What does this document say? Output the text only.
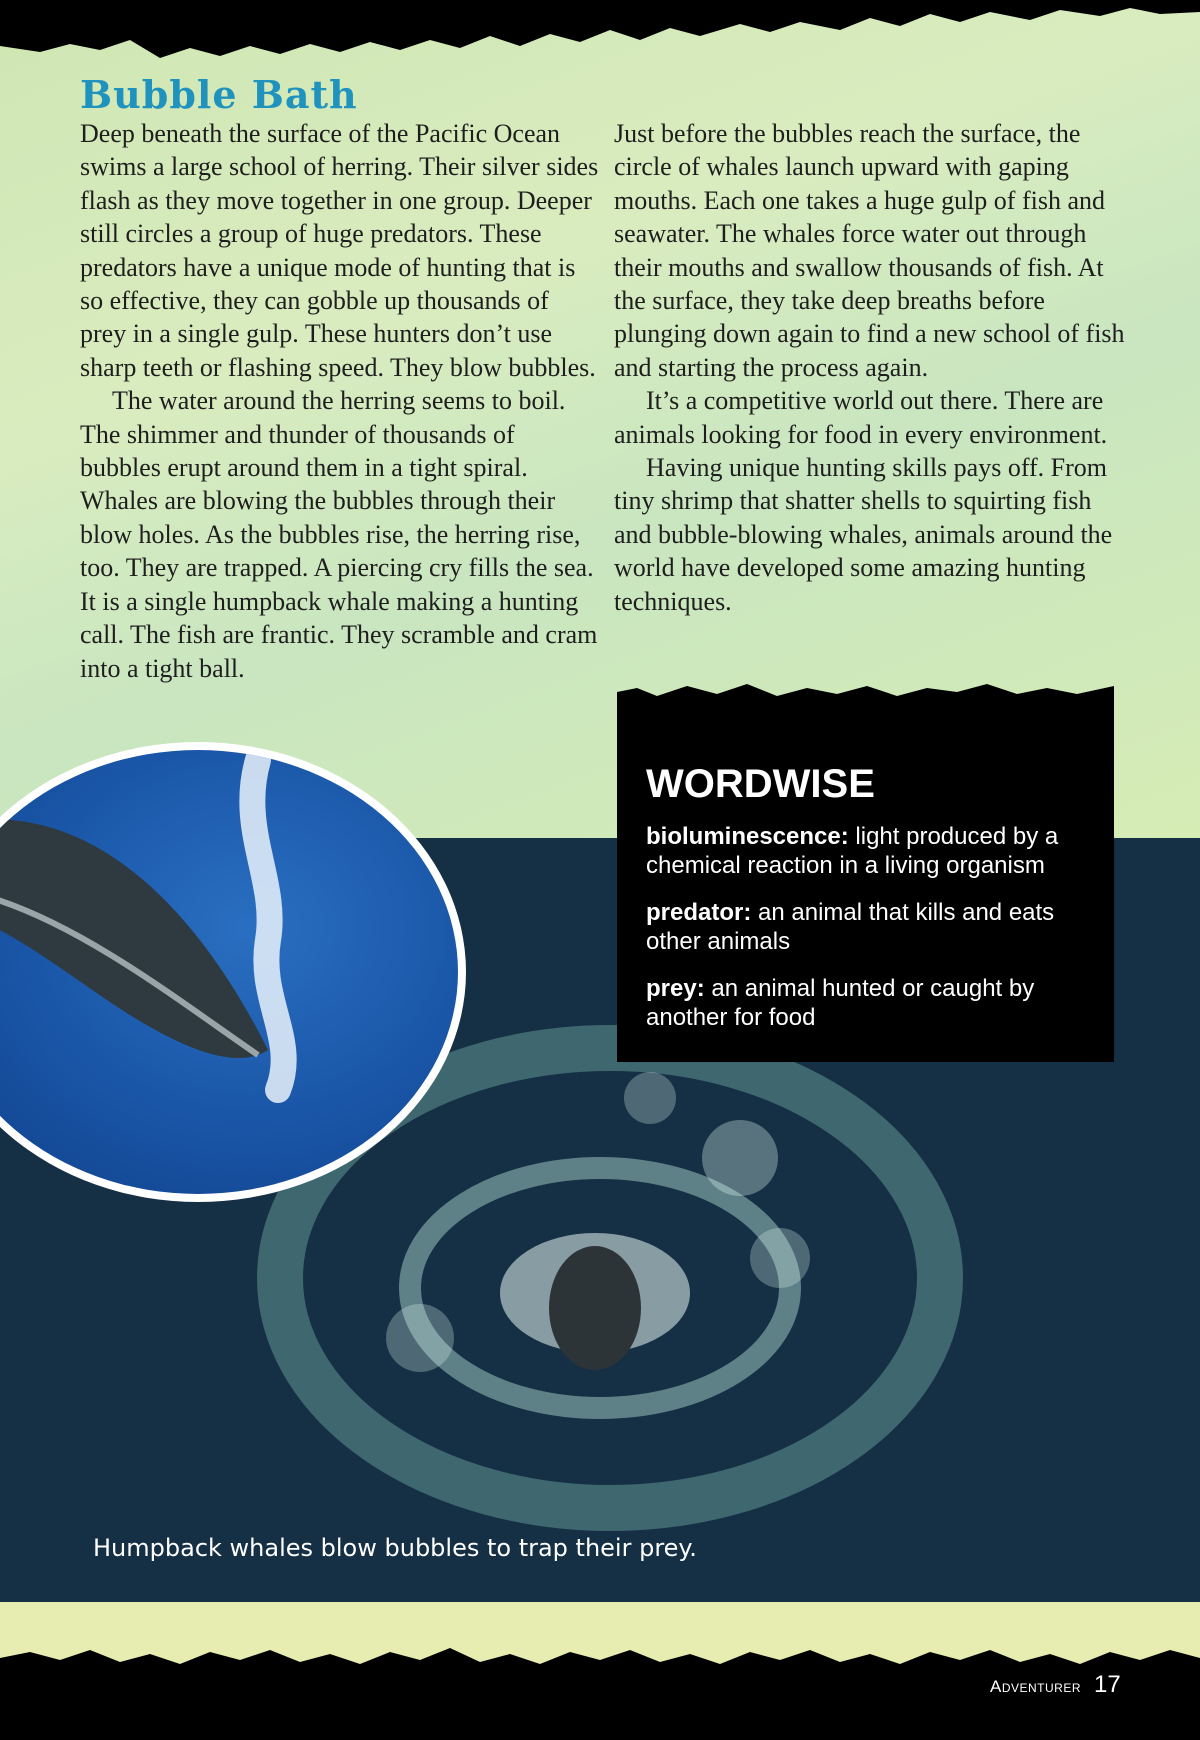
Bubble Bath

Deep beneath the surface of the Pacific Ocean swims a large school of herring. Their silver sides flash as they move together in one group. Deeper still circles a group of huge predators. These predators have a unique mode of hunting that is so effective, they can gobble up thousands of prey in a single gulp. These hunters don’t use sharp teeth or flashing speed. They blow bubbles.

The water around the herring seems to boil. The shimmer and thunder of thousands of bubbles erupt around them in a tight spiral. Whales are blowing the bubbles through their blow holes. As the bubbles rise, the herring rise, too. They are trapped. A piercing cry fills the sea. It is a single humpback whale making a hunting call. The fish are frantic. They scramble and cram into a tight ball.

Just before the bubbles reach the surface, the circle of whales launch upward with gaping mouths. Each one takes a huge gulp of fish and seawater. The whales force water out through their mouths and swallow thousands of fish. At the surface, they take deep breaths before plunging down again to find a new school of fish and starting the process again.

It’s a competitive world out there. There are animals looking for food in every environment.

Having unique hunting skills pays off. From tiny shrimp that shatter shells to squirting fish and bubble-blowing whales, animals around the world have developed some amazing hunting techniques.

WORDWISE

bioluminescence: light produced by a chemical reaction in a living organism

predator: an animal that kills and eats other animals

prey: an animal hunted or caught by another for food

Humpback whales blow bubbles to trap their prey.

Adventurer 17
